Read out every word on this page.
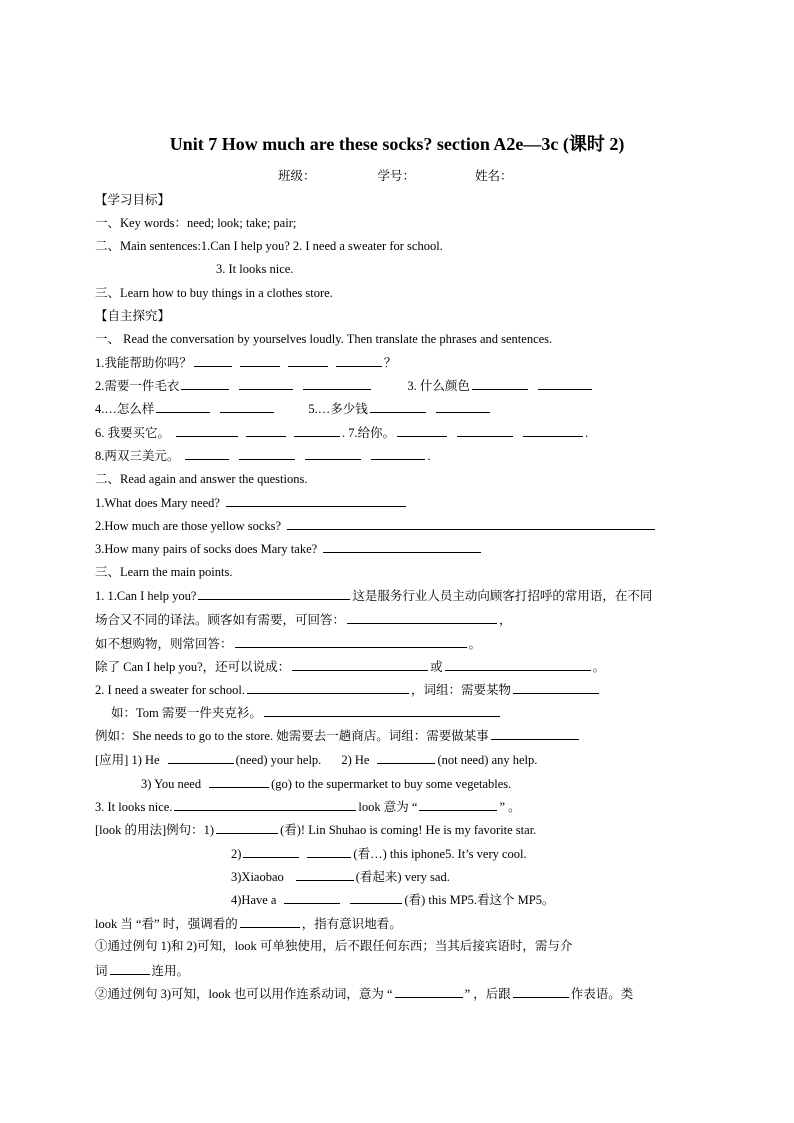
Unit 7 How much are these socks? section A2e—3c (课时 2)
班级：	学号：	姓名：
【学习目标】
一、Key words：need; look; take; pair;
二、Main sentences:1.Can I help you? 2. I need a sweater for school.
3. It looks nice.
三、Learn how to buy things in a clothes store.
【自主探究】
一、 Read the conversation by yourselves loudly. Then translate the phrases and sentences.
1.我能帮助你吗？	？
2.需要一件毛衣	3. 什么颜色
4.…怎么样	5.…多少钱
6. 我要买它。	. 7.给你。	.
8.两双三美元。	.
二、Read again and answer the questions.
1.What does Mary need?
2.How much are those yellow socks?
3.How many pairs of socks does Mary take?
三、Learn the main points.
1. 1.Can I help you?	这是服务行业人员主动向顾客打招呼的常用语，在不同
场合又不同的译法。顾客如有需要，可回答：	，
如不想购物，则常回答：	。
除了 Can I help you?，还可以说成：	或	。
2. I need a sweater for school.	，词组：需要某物
如：Tom 需要一件夹克衫。
例如：She needs to go to the store. 她需要去一趟商店。词组：需要做某事
[应用] 1) He	(need) your help. 2) He	(not need) any help.
3) You need	(go) to the supermarket to buy some vegetables.
3. It looks nice.	look 意为 “	” 。
[look 的用法]例句：1)	(看)! Lin Shuhao is coming! He is my favorite star.
2)	(看…) this iphone5. It’s very cool.
3)Xiaobao	(看起来) very sad.
4)Have a	(看) this MP5.看这个 MP5。
look 当 “看” 时，强调看的	，指有意识地看。
①通过例句 1)和 2)可知，look 可单独使用，后不跟任何东西；当其后接宾语时，需与介
词	连用。
②通过例句 3)可知，look 也可以用作连系动词，意为 “	” ，后跟	作表语。类
